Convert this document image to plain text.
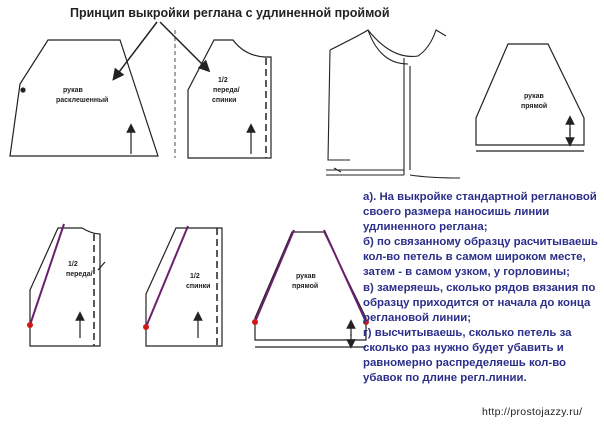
Принцип выкройки реглана с удлиненной проймой
рукав
расклешенный
1/2
переда/
спинки
рукав
прямой
1/2
переда/	1/2
спинки
рукав
прямой

а). На выкройке стандартной регланoвой своего размера наносишь линии удлиненного реглана;

б) по связанному образцу расчитываешь кол-во петель в самом широком месте, затем - в самом узком, у горловины;

в) замеряешь, сколько рядов вязания по образцу приходится от начала до конца реглановой линии;

г) высчитываешь, сколько петель за сколько раз нужно будет убавить и равномерно распределяешь кол-во убавок по длине регл.линии.

http://prostojazzy.ru/
